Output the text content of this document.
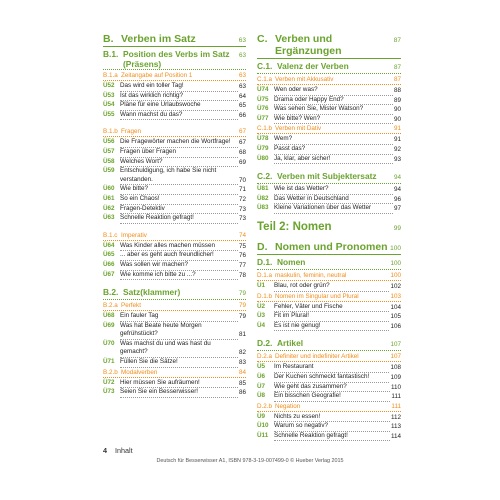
B. Verben im Satz	63
B.1. Position des Verbs im Satz (Präsens)
63
B.1.a Zeitangabe auf Position 1	63
Ü52 Das wird ein toller Tag!	63
Ü53 Ist das wirklich richtig?	64
Ü54 Pläne für eine Urlaubswoche	65
Ü55 Wann machst du das?	66
B.1.b Fragen	67
Ü56 Die Fragewörter machen die Wortfrage!	67
Ü57 Fragen über Fragen	68
Ü58 Welches Wort?	69
Ü59 Entschuldigung, ich habe Sie nicht verstanden.	70
Ü60 Wie bitte?	71
Ü61 So ein Chaos!	72
Ü62 Fragen-Detektiv	73
Ü63 Schnelle Reaktion gefragt!	73
B.1.c Imperativ	74
Ü64 Was Kinder alles machen müssen	75
Ü65 ... aber es geht auch freundlicher!	76
Ü66 Was sollen wir machen?	77
Ü67 Wie komme ich bitte zu ...?	78
B.2. Satz(klammer)	79
B.2.a Perfekt	79
Ü68 Ein fauler Tag	79
Ü69 Was hat Beate heute Morgen gefrühstückt?	81
Ü70 Was machst du und was hast du gemacht?	82
Ü71 Füllen Sie die Sätze!	83
B.2.b Modalverben	84
Ü72 Hier müssen Sie aufräumen!	85
Ü73 Seien Sie ein Besserwisser!	86
C. Verben und Ergänzungen
87
C.1. Valenz der Verben	87
C.1.a Verben mit Akkusativ	87
Ü74 Wen oder was?	88
Ü75 Drama oder Happy End?	89
Ü76 Was sehen Sie, Mister Watson?	90
Ü77 Wie bitte? Wen?	90
C.1.b Verben mit Dativ	91
Ü78 Wem?	91
Ü79 Passt das?	92
Ü80 Ja, klar, aber sicher!	93
C.2. Verben mit Subjektersatz	94
Ü81 Wie ist das Wetter?	94
Ü82 Das Wetter in Deutschland	96
Ü83 Kleine Variationen über das Wetter	97
Teil 2: Nomen	99
D. Nomen und Pronomen 100
D.1. Nomen	100
D.1.a maskulin, feminin, neutral	100
Ü1	Blau, rot oder grün?	102
D.1.b Nomen im Singular und Plural	103
Ü2	Fehler, Väter und Fische	104
Ü3	Fit im Plural!	105
Ü4	Es ist nie genug!	106
D.2. Artikel	107
D.2.a Definiter und indefiniter Artikel	107
Ü5	Im Restaurant	108
Ü6	Der Kuchen schmeckt fantastisch!	109
Ü7	Wie geht das zusammen?	110
Ü8	Ein bisschen Geografie!	111
D.2.b Negation	111
Ü9	Nichts zu essen!	112
Ü10 Warum so negativ?	113
Ü11 Schnelle Reaktion gefragt!	114
4 Inhalt
Deutsch für Besserwisser A1, ISBN 978-3-19-007499-0 © Hueber Verlag 2015
